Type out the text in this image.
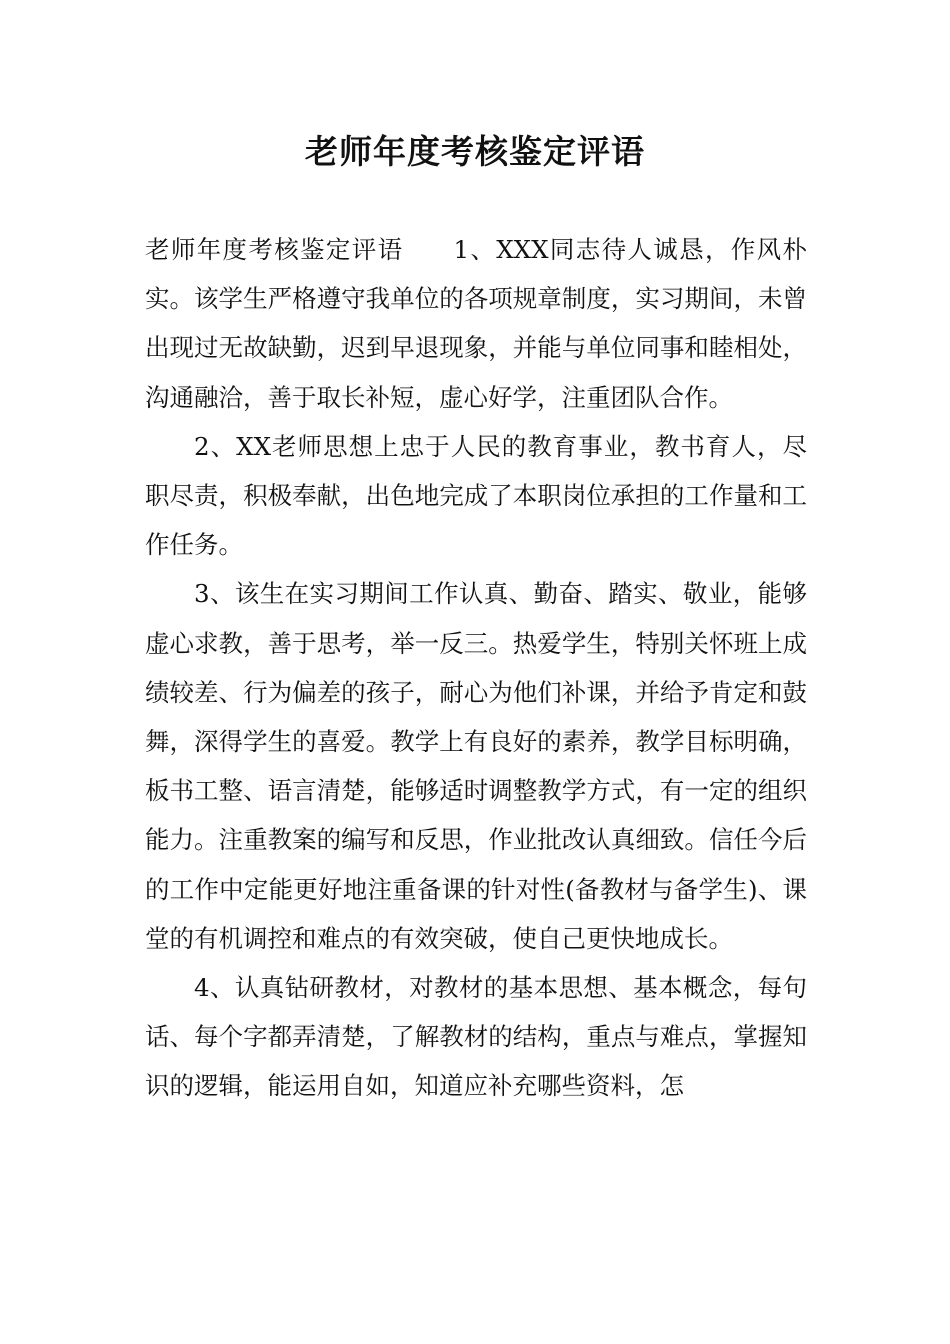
老师年度考核鉴定评语

老师年度考核鉴定评语 1、XXX同志待人诚恳，作风朴实。该学生严格遵守我单位的各项规章制度，实习期间，未曾出现过无故缺勤，迟到早退现象，并能与单位同事和睦相处，沟通融洽，善于取长补短，虚心好学，注重团队合作。

2、XX老师思想上忠于人民的教育事业，教书育人，尽职尽责，积极奉献，出色地完成了本职岗位承担的工作量和工作任务。

3、该生在实习期间工作认真、勤奋、踏实、敬业，能够虚心求教，善于思考，举一反三。热爱学生，特别关怀班上成绩较差、行为偏差的孩子，耐心为他们补课，并给予肯定和鼓舞，深得学生的喜爱。教学上有良好的素养，教学目标明确，板书工整、语言清楚，能够适时调整教学方式，有一定的组织能力。注重教案的编写和反思，作业批改认真细致。信任今后的工作中定能更好地注重备课的针对性(备教材与备学生)、课堂的有机调控和难点的有效突破，使自己更快地成长。

4、认真钻研教材，对教材的基本思想、基本概念，每句话、每个字都弄清楚，了解教材的结构，重点与难点，掌握知识的逻辑，能运用自如，知道应补充哪些资料，怎
